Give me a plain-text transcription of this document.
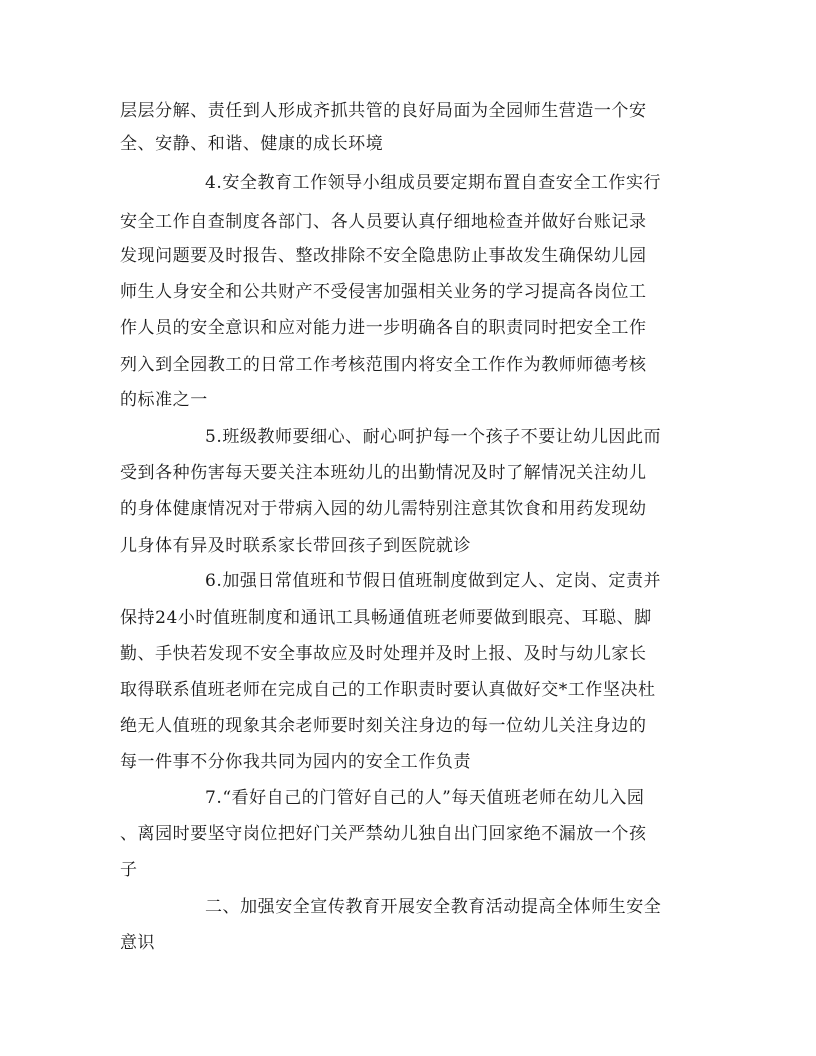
层层分解、责任到人形成齐抓共管的良好局面为全园师生营造一个安
全、安静、和谐、健康的成长环境
4.安全教育工作领导小组成员要定期布置自查安全工作实行
安全工作自查制度各部门、各人员要认真仔细地检查并做好台账记录
发现问题要及时报告、整改排除不安全隐患防止事故发生确保幼儿园
师生人身安全和公共财产不受侵害加强相关业务的学习提高各岗位工
作人员的安全意识和应对能力进一步明确各自的职责同时把安全工作
列入到全园教工的日常工作考核范围内将安全工作作为教师师德考核
的标准之一
5.班级教师要细心、耐心呵护每一个孩子不要让幼儿因此而
受到各种伤害每天要关注本班幼儿的出勤情况及时了解情况关注幼儿
的身体健康情况对于带病入园的幼儿需特别注意其饮食和用药发现幼
儿身体有异及时联系家长带回孩子到医院就诊
6.加强日常值班和节假日值班制度做到定人、定岗、定责并
保持24小时值班制度和通讯工具畅通值班老师要做到眼亮、耳聪、脚
勤、手快若发现不安全事故应及时处理并及时上报、及时与幼儿家长
取得联系值班老师在完成自己的工作职责时要认真做好交*工作坚决杜
绝无人值班的现象其余老师要时刻关注身边的每一位幼儿关注身边的
每一件事不分你我共同为园内的安全工作负责
7.“看好自己的门管好自己的人”每天值班老师在幼儿入园
、离园时要坚守岗位把好门关严禁幼儿独自出门回家绝不漏放一个孩
子
二、加强安全宣传教育开展安全教育活动提高全体师生安全
意识
